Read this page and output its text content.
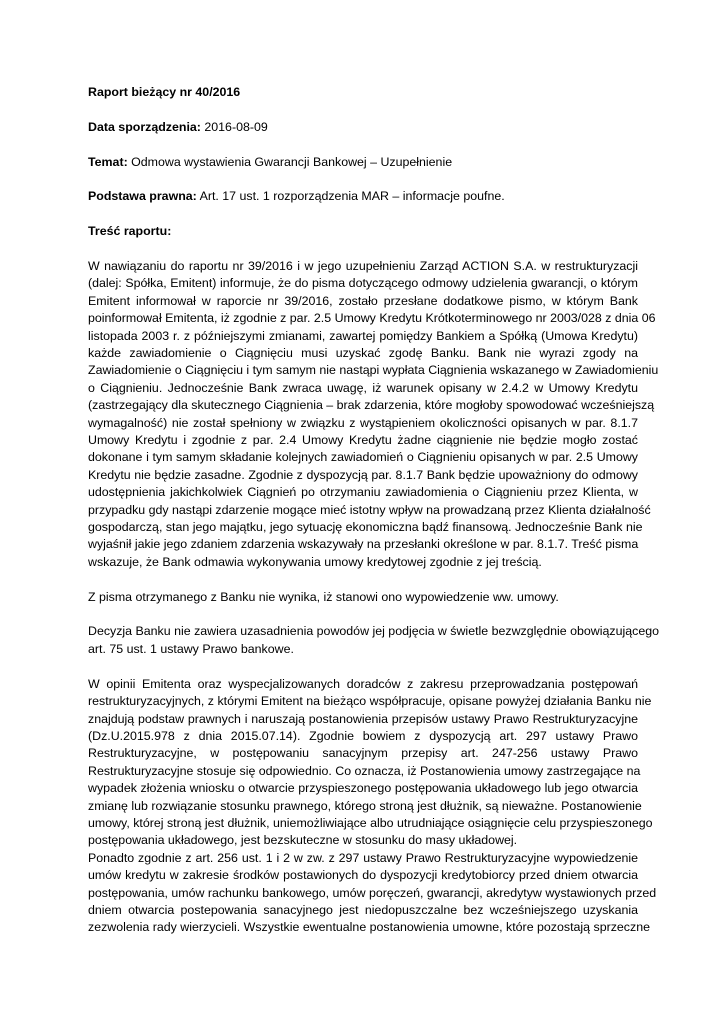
Raport bieżący nr 40/2016
Data sporządzenia: 2016-08-09
Temat: Odmowa wystawienia Gwarancji Bankowej – Uzupełnienie
Podstawa prawna: Art. 17 ust. 1 rozporządzenia MAR – informacje poufne.
Treść raportu:
W nawiązaniu do raportu nr 39/2016 i w jego uzupełnieniu Zarząd ACTION S.A. w restrukturyzacji
(dalej: Spółka, Emitent) informuje, że do pisma dotyczącego odmowy udzielenia gwarancji, o którym
Emitent informował w raporcie nr 39/2016, zostało przesłane dodatkowe pismo, w którym Bank
poinformował Emitenta, iż zgodnie z par. 2.5 Umowy Kredytu Krótkoterminowego nr 2003/028 z dnia 06
listopada 2003 r. z późniejszymi zmianami, zawartej pomiędzy Bankiem a Spółką (Umowa Kredytu)
każde zawiadomienie o Ciągnięciu musi uzyskać zgodę Banku. Bank nie wyrazi zgody na
Zawiadomienie o Ciągnięciu i tym samym nie nastąpi wypłata Ciągnienia wskazanego w Zawiadomieniu
o Ciągnieniu. Jednocześnie Bank zwraca uwagę, iż warunek opisany w 2.4.2 w Umowy Kredytu
(zastrzegający dla skutecznego Ciągnienia – brak zdarzenia, które mogłoby spowodować wcześniejszą
wymagalność) nie został spełniony w związku z wystąpieniem okoliczności opisanych w par. 8.1.7
Umowy Kredytu i zgodnie z par. 2.4 Umowy Kredytu żadne ciągnienie nie będzie mogło zostać
dokonane i tym samym składanie kolejnych zawiadomień o Ciągnieniu opisanych w par. 2.5 Umowy
Kredytu nie będzie zasadne. Zgodnie z dyspozycją par. 8.1.7 Bank będzie upoważniony do odmowy
udostępnienia jakichkolwiek Ciągnień po otrzymaniu zawiadomienia o Ciągnieniu przez Klienta, w
przypadku gdy nastąpi zdarzenie mogące mieć istotny wpływ na prowadzaną przez Klienta działalność
gospodarczą, stan jego majątku, jego sytuację ekonomiczna bądź finansową. Jednocześnie Bank nie
wyjaśnił jakie jego zdaniem zdarzenia wskazywały na przesłanki określone w par. 8.1.7. Treść pisma
wskazuje, że Bank odmawia wykonywania umowy kredytowej zgodnie z jej treścią.
Z pisma otrzymanego z Banku nie wynika, iż stanowi ono wypowiedzenie ww. umowy.
Decyzja Banku nie zawiera uzasadnienia powodów jej podjęcia w świetle bezwzględnie obowiązującego
art. 75 ust. 1 ustawy Prawo bankowe.
W opinii Emitenta oraz wyspecjalizowanych doradców z zakresu przeprowadzania postępowań
restrukturyzacyjnych, z którymi Emitent na bieżąco współpracuje, opisane powyżej działania Banku nie
znajdują podstaw prawnych i naruszają postanowienia przepisów ustawy Prawo Restrukturyzacyjne
(Dz.U.2015.978 z dnia 2015.07.14). Zgodnie bowiem z dyspozycją art. 297 ustawy Prawo
Restrukturyzacyjne, w postępowaniu sanacyjnym przepisy art. 247-256 ustawy Prawo
Restrukturyzacyjne stosuje się odpowiednio. Co oznacza, iż Postanowienia umowy zastrzegające na
wypadek złożenia wniosku o otwarcie przyspieszonego postępowania układowego lub jego otwarcia
zmianę lub rozwiązanie stosunku prawnego, którego stroną jest dłużnik, są nieważne. Postanowienie
umowy, której stroną jest dłużnik, uniemożliwiające albo utrudniające osiągnięcie celu przyspieszonego
postępowania układowego, jest bezskuteczne w stosunku do masy układowej.
Ponadto zgodnie z art. 256 ust. 1 i 2 w zw. z 297 ustawy Prawo Restrukturyzacyjne wypowiedzenie
umów kredytu w zakresie środków postawionych do dyspozycji kredytobiorcy przed dniem otwarcia
postępowania, umów rachunku bankowego, umów poręczeń, gwarancji, akredytyw wystawionych przed
dniem otwarcia postepowania sanacyjnego jest niedopuszczalne bez wcześniejszego uzyskania
zezwolenia rady wierzycieli. Wszystkie ewentualne postanowienia umowne, które pozostają sprzeczne
